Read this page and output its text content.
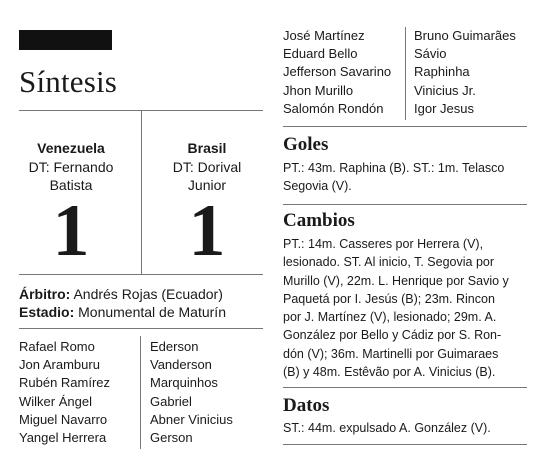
Síntesis
Venezuela
DT: Fernando
Batista
1
Brasil
DT: Dorival
Junior
1
Árbitro: Andrés Rojas (Ecuador)
Estadio: Monumental de Maturín
Rafael Romo
Jon Aramburu
Rubén Ramírez
Wilker Ángel
Miguel Navarro
Yangel Herrera
Ederson
Vanderson
Marquinhos
Gabriel
Abner Vinicius
Gerson
José Martínez
Eduard Bello
Jefferson Savarino
Jhon Murillo
Salomón Rondón
Bruno Guimarães
Sávio
Raphinha
Vinicius Jr.
Igor Jesus
Goles
PT.: 43m. Raphina (B). ST.: 1m. Telasco
Segovia (V).
Cambios
PT.: 14m. Casseres por Herrera (V),
lesionado. ST. Al inicio, T. Segovia por
Murillo (V), 22m. L. Henrique por Savio y
Paquetá por I. Jesús (B); 23m. Rincon
por J. Martínez (V), lesionado; 29m. A.
González por Bello y Cádiz por S. Ron-
dón (V); 36m. Martinelli por Guimaraes
(B) y 48m. Estêvão por A. Vinicius (B).
Datos
ST.: 44m. expulsado A. González (V).
